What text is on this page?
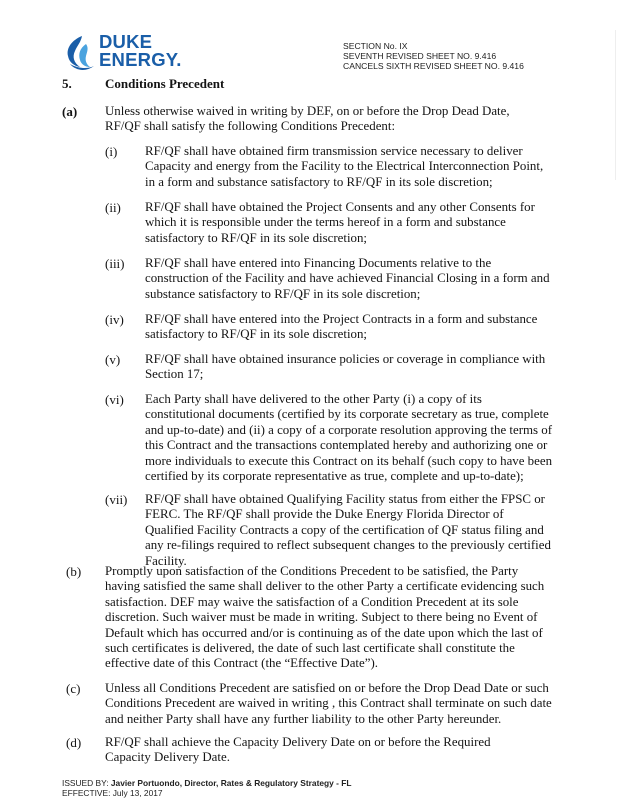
DUKE
ENERGY.
SECTION No. IX
SEVENTH REVISED SHEET NO. 9.416
CANCELS SIXTH REVISED SHEET NO. 9.416
5.	Conditions Precedent
(a) Unless otherwise waived in writing by DEF, on or before the Drop Dead Date, RF/QF shall satisfy the following Conditions Precedent:
(i) RF/QF shall have obtained firm transmission service necessary to deliver Capacity and energy from the Facility to the Electrical Interconnection Point, in a form and substance satisfactory to RF/QF in its sole discretion;
(ii) RF/QF shall have obtained the Project Consents and any other Consents for which it is responsible under the terms hereof in a form and substance satisfactory to RF/QF in its sole discretion;
(iii) RF/QF shall have entered into Financing Documents relative to the construction of the Facility and have achieved Financial Closing in a form and substance satisfactory to RF/QF in its sole discretion;
(iv) RF/QF shall have entered into the Project Contracts in a form and substance satisfactory to RF/QF in its sole discretion;
(v) RF/QF shall have obtained insurance policies or coverage in compliance with Section 17;
(vi) Each Party shall have delivered to the other Party (i) a copy of its constitutional documents (certified by its corporate secretary as true, complete and up-to-date) and (ii) a copy of a corporate resolution approving the terms of this Contract and the transactions contemplated hereby and authorizing one or more individuals to execute this Contract on its behalf (such copy to have been certified by its corporate representative as true, complete and up-to-date);
(vii) RF/QF shall have obtained Qualifying Facility status from either the FPSC or FERC. The RF/QF shall provide the Duke Energy Florida Director of Qualified Facility Contracts a copy of the certification of QF status filing and any re-filings required to reflect subsequent changes to the previously certified Facility.
(b) Promptly upon satisfaction of the Conditions Precedent to be satisfied, the Party having satisfied the same shall deliver to the other Party a certificate evidencing such satisfaction. DEF may waive the satisfaction of a Condition Precedent at its sole discretion. Such waiver must be made in writing. Subject to there being no Event of Default which has occurred and/or is continuing as of the date upon which the last of such certificates is delivered, the date of such last certificate shall constitute the effective date of this Contract (the “Effective Date”).
(c) Unless all Conditions Precedent are satisfied on or before the Drop Dead Date or such Conditions Precedent are waived in writing , this Contract shall terminate on such date and neither Party shall have any further liability to the other Party hereunder.
(d) RF/QF shall achieve the Capacity Delivery Date on or before the Required Capacity Delivery Date.
ISSUED BY: Javier Portuondo, Director, Rates & Regulatory Strategy - FL
EFFECTIVE: July 13, 2017
